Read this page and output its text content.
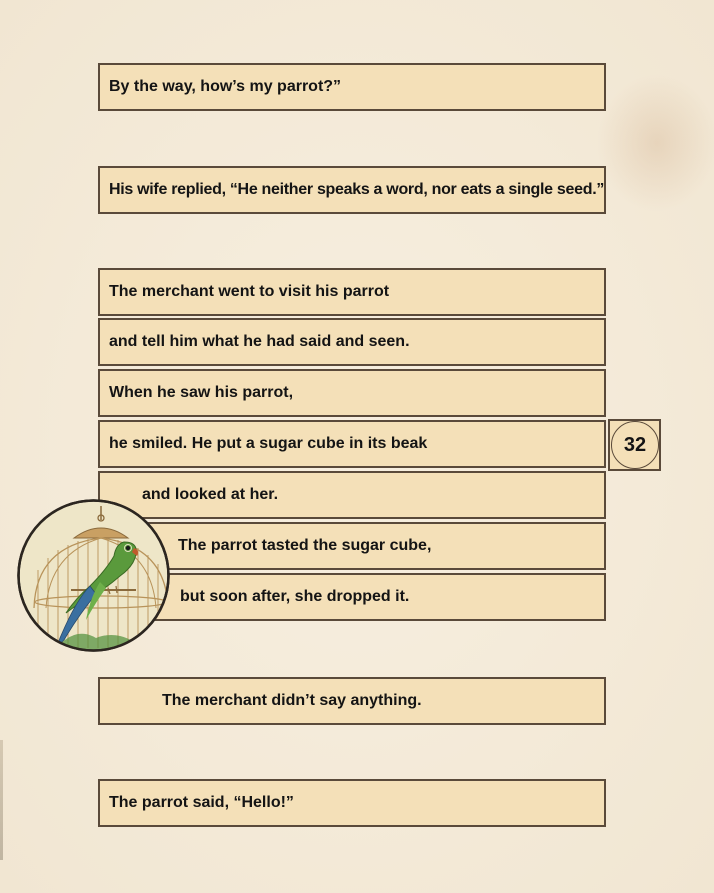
By the way, how’s my parrot?”
His wife replied, “He neither speaks a word, nor eats a single seed.”
The merchant went to visit his parrot
and tell him what he had said and seen.
When he saw his parrot,
he smiled. He put a sugar cube in its beak
and looked at her.
The parrot tasted the sugar cube,
but soon after, she dropped it.
The merchant didn’t say anything.
The parrot said, “Hello!”
32
